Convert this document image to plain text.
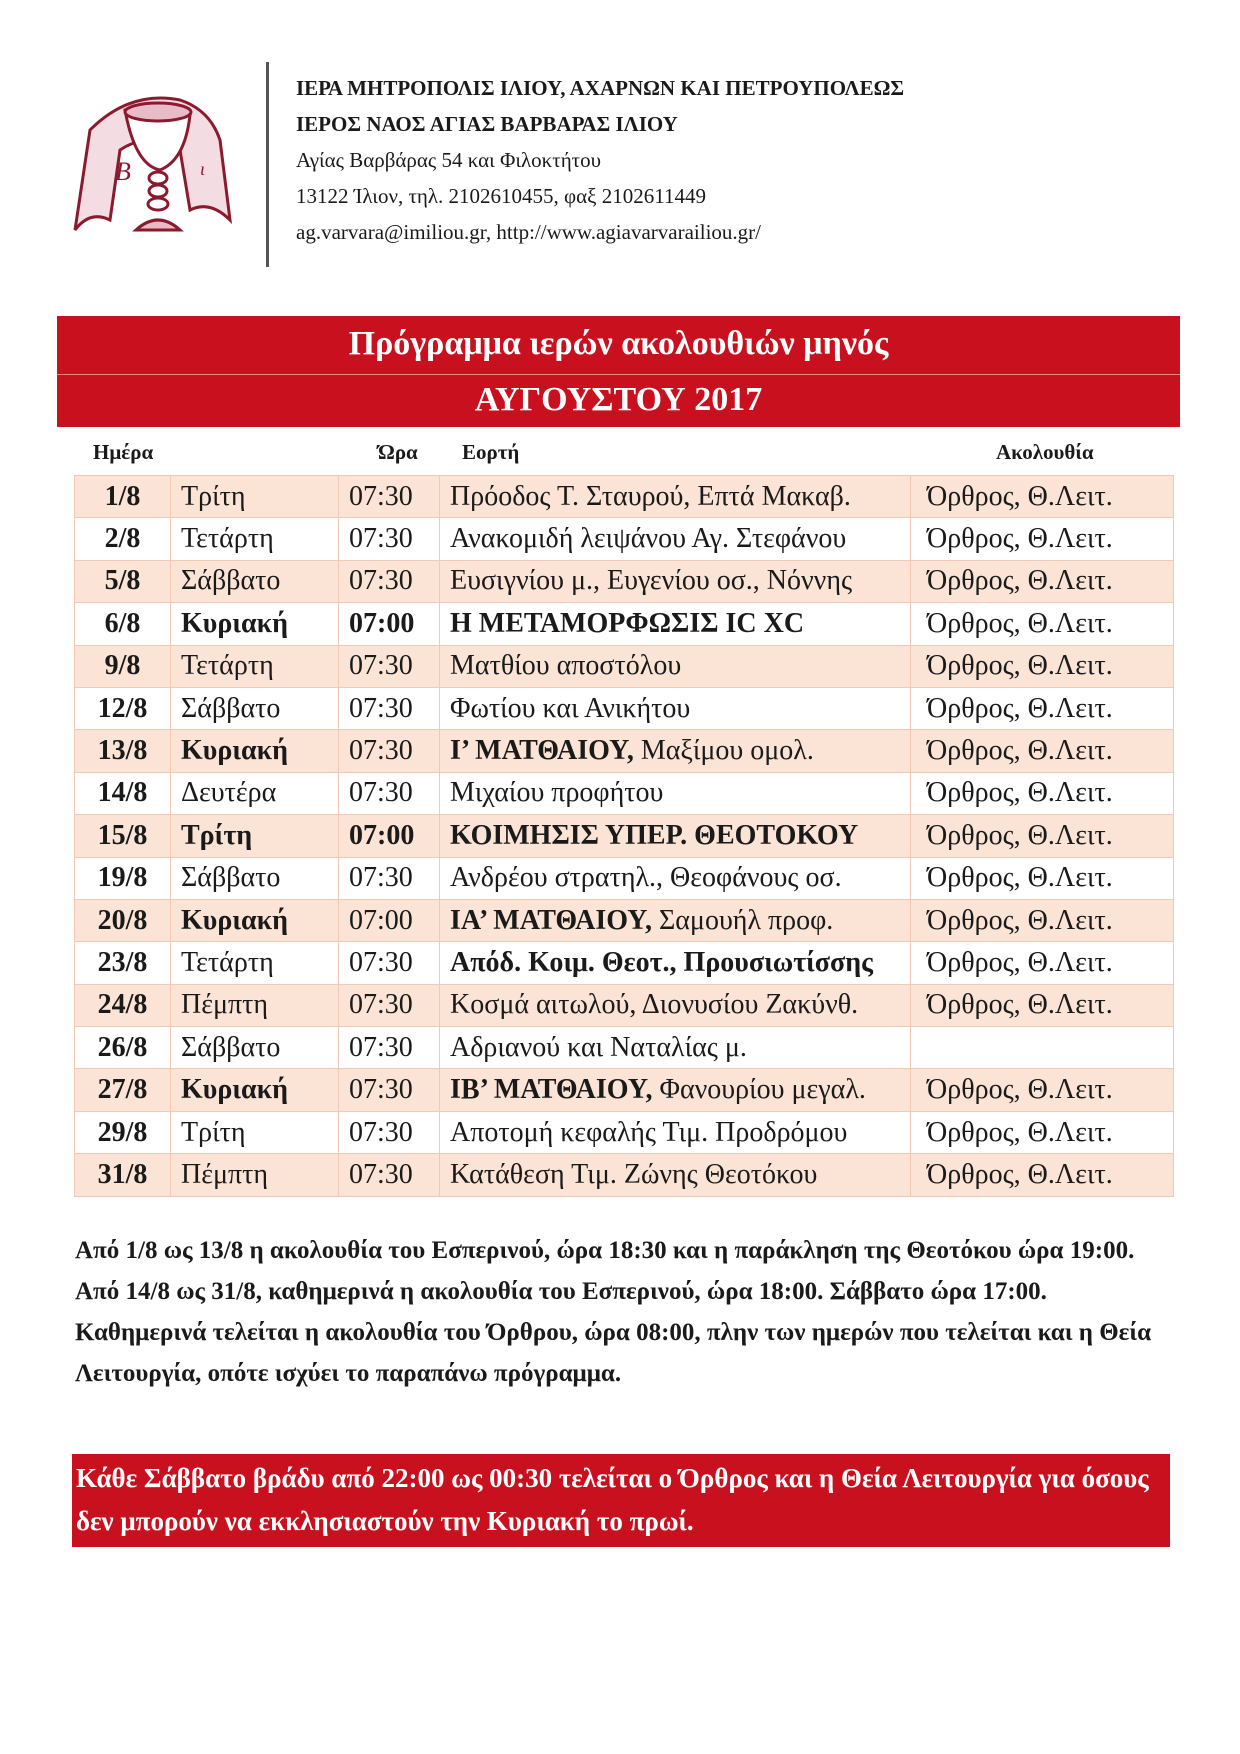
B	ι
ΙΕΡΑ ΜΗΤΡΟΠΟΛΙΣ ΙΛΙΟΥ, ΑΧΑΡΝΩΝ ΚΑΙ ΠΕΤΡΟΥΠΟΛΕΩΣ
ΙΕΡΟΣ ΝΑΟΣ ΑΓΙΑΣ ΒΑΡΒΑΡΑΣ ΙΛΙΟΥ
Αγίας Βαρβάρας 54 και Φιλοκτήτου
13122 Ίλιον, τηλ. 2102610455, φαξ 2102611449
ag.varvara@imiliou.gr, http://www.agiavarvarailiou.gr/
Πρόγραμμα ιερών ακολουθιών μηνός
ΑΥΓΟΥΣΤΟΥ 2017
Ημέρα	Ώρα Εορτή	Ακολουθία
1/8	Τρίτη	07:30	Πρόοδος Τ. Σταυρού, Επτά Μακαβ.	Όρθρος, Θ.Λειτ.
2/8	Τετάρτη	07:30	Ανακομιδή λειψάνου Αγ. Στεφάνου	Όρθρος, Θ.Λειτ.
5/8	Σάββατο	07:30	Ευσιγνίου μ., Ευγενίου οσ., Νόννης	Όρθρος, Θ.Λειτ.
6/8	Κυριακή	07:00	Η ΜΕΤΑΜΟΡΦΩΣΙΣ IC XC	Όρθρος, Θ.Λειτ.
9/8	Τετάρτη	07:30	Ματθίου αποστόλου	Όρθρος, Θ.Λειτ.
12/8	Σάββατο	07:30	Φωτίου και Ανικήτου	Όρθρος, Θ.Λειτ.
13/8	Κυριακή	07:30	Ι’ ΜΑΤΘΑΙΟΥ, Μαξίμου ομολ.	Όρθρος, Θ.Λειτ.
14/8	Δευτέρα	07:30	Μιχαίου προφήτου	Όρθρος, Θ.Λειτ.
15/8	Τρίτη	07:00	ΚΟΙΜΗΣΙΣ ΥΠΕΡ. ΘΕΟΤΟΚΟΥ	Όρθρος, Θ.Λειτ.
19/8	Σάββατο	07:30	Ανδρέου στρατηλ., Θεοφάνους οσ.	Όρθρος, Θ.Λειτ.
20/8	Κυριακή	07:00	ΙΑ’ ΜΑΤΘΑΙΟΥ, Σαμουήλ προφ.	Όρθρος, Θ.Λειτ.
23/8	Τετάρτη	07:30	Απόδ. Κοιμ. Θεοτ., Προυσιωτίσσης	Όρθρος, Θ.Λειτ.
24/8	Πέμπτη	07:30	Κοσμά αιτωλού, Διονυσίου Ζακύνθ.	Όρθρος, Θ.Λειτ.
26/8	Σάββατο	07:30	Αδριανού και Ναταλίας μ.	
27/8	Κυριακή	07:30	ΙΒ’ ΜΑΤΘΑΙΟΥ, Φανουρίου μεγαλ.	Όρθρος, Θ.Λειτ.
29/8	Τρίτη	07:30	Αποτομή κεφαλής Τιμ. Προδρόμου	Όρθρος, Θ.Λειτ.
31/8	Πέμπτη	07:30	Κατάθεση Τιμ. Ζώνης Θεοτόκου	Όρθρος, Θ.Λειτ.

Από 1/8 ως 13/8 η ακολουθία του Εσπερινού, ώρα 18:30 και η παράκληση της Θεοτόκου ώρα 19:00. Από 14/8 ως 31/8, καθημερινά η ακολουθία του Εσπερινού, ώρα 18:00. Σάββατο ώρα 17:00.

Καθημερινά τελείται η ακολουθία του Όρθρου, ώρα 08:00, πλην των ημερών που τελείται και η Θεία Λειτουργία, οπότε ισχύει το παραπάνω πρόγραμμα.

Κάθε Σάββατο βράδυ από 22:00 ως 00:30 τελείται ο Όρθρος και η Θεία Λειτουργία για όσους δεν μπορούν να εκκλησιαστούν την Κυριακή το πρωί.
